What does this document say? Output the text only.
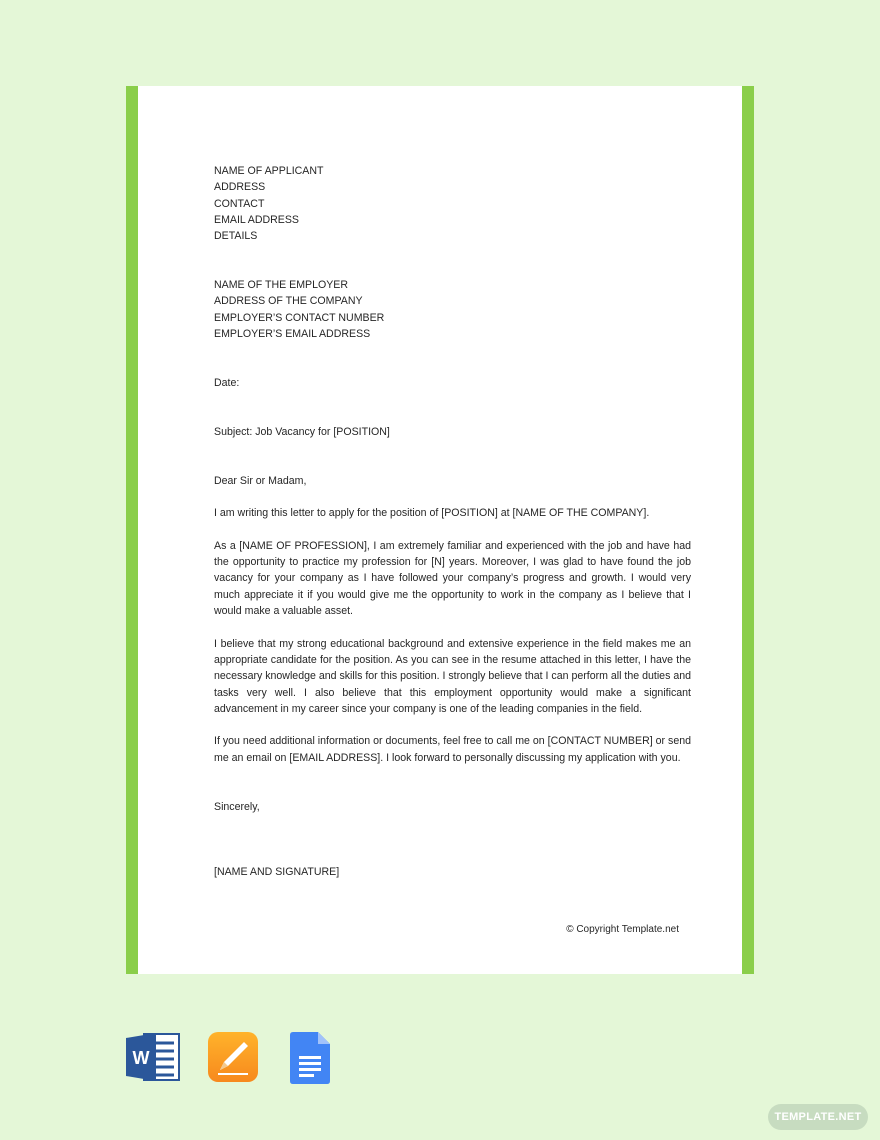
NAME OF APPLICANT
ADDRESS
CONTACT
EMAIL ADDRESS
DETAILS
NAME OF THE EMPLOYER
ADDRESS OF THE COMPANY
EMPLOYER’S CONTACT NUMBER
EMPLOYER’S EMAIL ADDRESS
Date:
Subject: Job Vacancy for [POSITION]
Dear Sir or Madam,

I am writing this letter to apply for the position of [POSITION] at [NAME OF THE COMPANY].

As a [NAME OF PROFESSION], I am extremely familiar and experienced with the job and have had the opportunity to practice my profession for [N] years. Moreover, I was glad to have found the job vacancy for your company as I have followed your company’s progress and growth. I would very much appreciate it if you would give me the opportunity to work in the company as I believe that I would make a valuable asset.

I believe that my strong educational background and extensive experience in the field makes me an appropriate candidate for the position. As you can see in the resume attached in this letter, I have the necessary knowledge and skills for this position. I strongly believe that I can perform all the duties and tasks very well. I also believe that this employment opportunity would make a significant advancement in my career since your company is one of the leading companies in the field.

If you need additional information or documents, feel free to call me on [CONTACT NUMBER] or send me an email on [EMAIL ADDRESS]. I look forward to personally discussing my application with you.

Sincerely,
[NAME AND SIGNATURE]
© Copyright Template.net
W
TEMPLATE.NET
